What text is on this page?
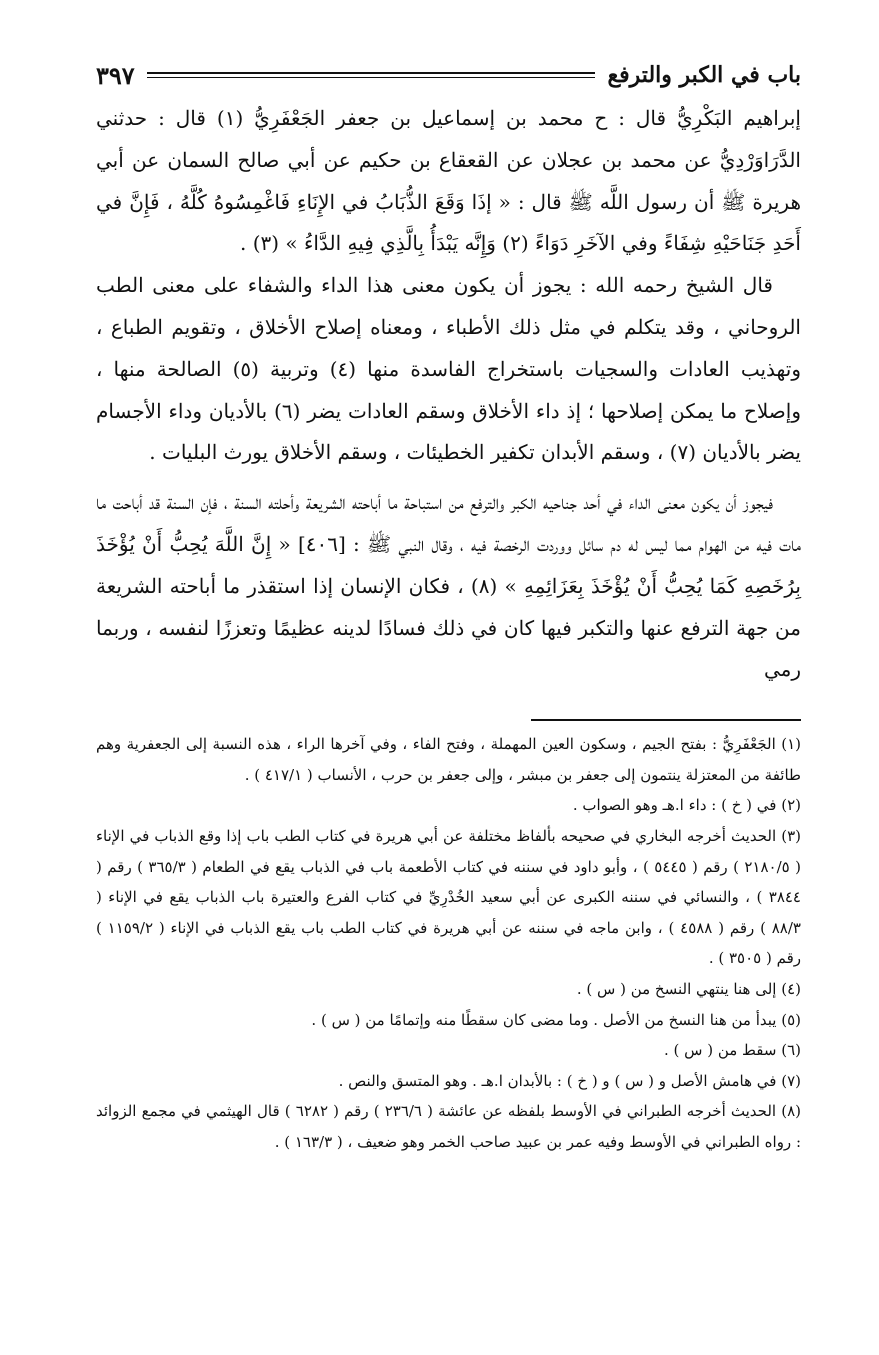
باب في الكبر والترفع
٣٩٧

إبراهيم البَكْرِيُّ قال : ح محمد بن إسماعيل بن جعفر الجَعْفَرِيُّ (١) قال : حدثني الدَّرَاوَرْدِيُّ عن محمد بن عجلان عن القعقاع بن حكيم عن أبي صالح السمان عن أبي هريرة ﷺ أن رسول اللَّه ﷺ قال : « إذَا وَقَعَ الذُّبَابُ في الإِنَاءِ فَاغْمِسُوهُ كُلَّهُ ، فَإِنَّ في أَحَدِ جَنَاحَيْهِ شِفَاءً وفي الآخَرِ دَوَاءً (٢) وَإِنَّه يَبْدَأُ بِالَّذِي فِيهِ الدَّاءُ » (٣) .

قال الشيخ رحمه الله : يجوز أن يكون معنى هذا الداء والشفاء على معنى الطب الروحاني ، وقد يتكلم في مثل ذلك الأطباء ، ومعناه إصلاح الأخلاق ، وتقويم الطباع ، وتهذيب العادات والسجيات باستخراج الفاسدة منها (٤) وتربية (٥) الصالحة منها ، وإصلاح ما يمكن إصلاحها ؛ إذ داء الأخلاق وسقم العادات يضر (٦) بالأديان وداء الأجسام يضر بالأديان (٧) ، وسقم الأبدان تكفير الخطيئات ، وسقم الأخلاق يورث البليات .

فيجوز أن يكون معنى الداء في أحد جناحيه الكبر والترفع من استباحة ما أباحته الشريعة وأحلته السنة ، فإن السنة قد أباحت ما مات فيه من الهوام مما ليس له دم سائل ووردت الرخصة فيه ، وقال النبي ﷺ : [٤٠٦] « إِنَّ اللَّهَ يُحِبُّ أَنْ يُؤْخَذَ بِرُخَصِهِ كَمَا يُحِبُّ أَنْ يُؤْخَذَ بِعَزَائِمِهِ » (٨) ، فكان الإنسان إذا استقذر ما أباحته الشريعة من جهة الترفع عنها والتكبر فيها كان في ذلك فسادًا لدينه عظيمًا وتعززًا لنفسه ، وربما رمي

(١) الجَعْفَرِيُّ : بفتح الجيم ، وسكون العين المهملة ، وفتح الفاء ، وفي آخرها الراء ، هذه النسبة إلى الجعفرية وهم طائفة من المعتزلة ينتمون إلى جعفر بن مبشر ، وإلى جعفر بن حرب ، الأنساب ( ٤١٧/١ ) .

(٢) في ( خ ) : داء ا.هـ وهو الصواب .

(٣) الحديث أخرجه البخاري في صحيحه بألفاظ مختلفة عن أبي هريرة في كتاب الطب باب إذا وقع الذباب في الإناء ( ٢١٨٠/٥ ) رقم ( ٥٤٤٥ ) ، وأبو داود في سننه في كتاب الأطعمة باب في الذباب يقع في الطعام ( ٣٦٥/٣ ) رقم ( ٣٨٤٤ ) ، والنسائي في سننه الكبرى عن أبي سعيد الخُدْرِيِّ في كتاب الفرع والعتيرة باب الذباب يقع في الإناء ( ٨٨/٣ ) رقم ( ٤٥٨٨ ) ، وابن ماجه في سننه عن أبي هريرة في كتاب الطب باب يقع الذباب في الإناء ( ١١٥٩/٢ ) رقم ( ٣٥٠٥ ) .

(٤) إلى هنا ينتهي النسخ من ( س ) .

(٥) يبدأ من هنا النسخ من الأصل . وما مضى كان سقطًا منه وإتمامًا من ( س ) .

(٦) سقط من ( س ) .

(٧) في هامش الأصل و ( س ) و ( خ ) : بالأبدان ا.هـ . وهو المتسق والنص .

(٨) الحديث أخرجه الطبراني في الأوسط بلفظه عن عائشة ( ٢٣٦/٦ ) رقم ( ٦٢٨٢ ) قال الهيثمي في مجمع الزوائد : رواه الطبراني في الأوسط وفيه عمر بن عبيد صاحب الخمر وهو ضعيف ، ( ١٦٣/٣ ) .
